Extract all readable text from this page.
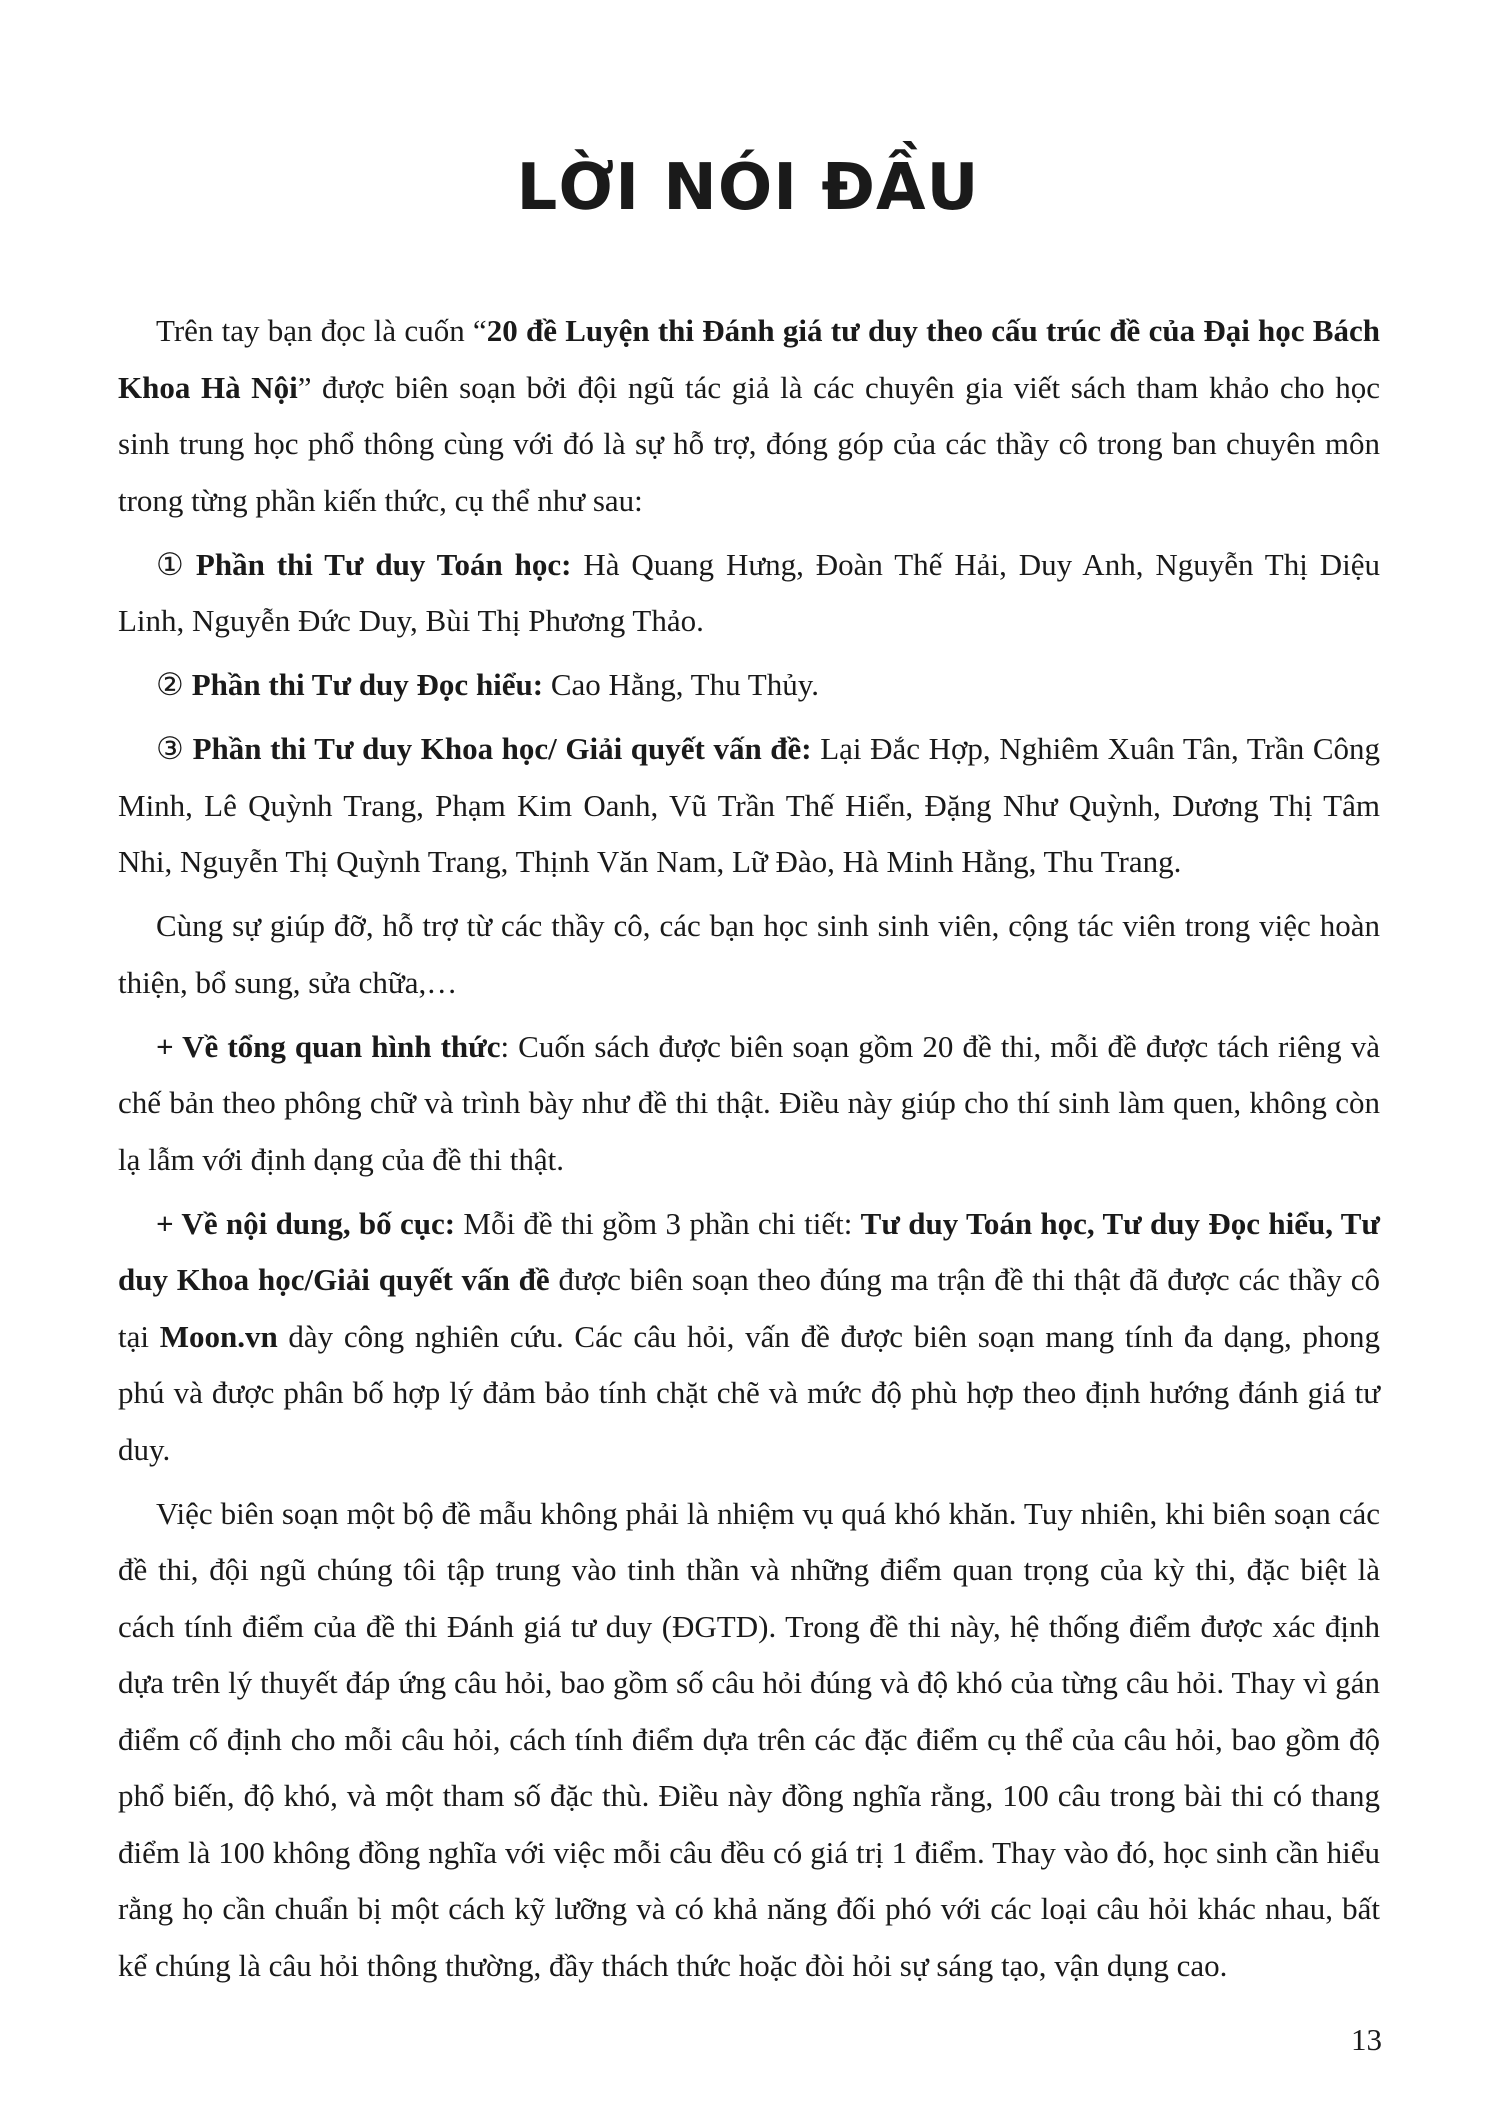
LỜI NÓI ĐẦU

Trên tay bạn đọc là cuốn “20 đề Luyện thi Đánh giá tư duy theo cấu trúc đề của Đại học Bách Khoa Hà Nội” được biên soạn bởi đội ngũ tác giả là các chuyên gia viết sách tham khảo cho học sinh trung học phổ thông cùng với đó là sự hỗ trợ, đóng góp của các thầy cô trong ban chuyên môn trong từng phần kiến thức, cụ thể như sau:

① Phần thi Tư duy Toán học: Hà Quang Hưng, Đoàn Thế Hải, Duy Anh, Nguyễn Thị Diệu Linh, Nguyễn Đức Duy, Bùi Thị Phương Thảo.

② Phần thi Tư duy Đọc hiểu: Cao Hằng, Thu Thủy.

③ Phần thi Tư duy Khoa học/ Giải quyết vấn đề: Lại Đắc Hợp, Nghiêm Xuân Tân, Trần Công Minh, Lê Quỳnh Trang, Phạm Kim Oanh, Vũ Trần Thế Hiển, Đặng Như Quỳnh, Dương Thị Tâm Nhi, Nguyễn Thị Quỳnh Trang, Thịnh Văn Nam, Lữ Đào, Hà Minh Hằng, Thu Trang.

Cùng sự giúp đỡ, hỗ trợ từ các thầy cô, các bạn học sinh sinh viên, cộng tác viên trong việc hoàn thiện, bổ sung, sửa chữa,…

+ Về tổng quan hình thức: Cuốn sách được biên soạn gồm 20 đề thi, mỗi đề được tách riêng và chế bản theo phông chữ và trình bày như đề thi thật. Điều này giúp cho thí sinh làm quen, không còn lạ lẫm với định dạng của đề thi thật.

+ Về nội dung, bố cục: Mỗi đề thi gồm 3 phần chi tiết: Tư duy Toán học, Tư duy Đọc hiểu, Tư duy Khoa học/Giải quyết vấn đề được biên soạn theo đúng ma trận đề thi thật đã được các thầy cô tại Moon.vn dày công nghiên cứu. Các câu hỏi, vấn đề được biên soạn mang tính đa dạng, phong phú và được phân bố hợp lý đảm bảo tính chặt chẽ và mức độ phù hợp theo định hướng đánh giá tư duy.

Việc biên soạn một bộ đề mẫu không phải là nhiệm vụ quá khó khăn. Tuy nhiên, khi biên soạn các đề thi, đội ngũ chúng tôi tập trung vào tinh thần và những điểm quan trọng của kỳ thi, đặc biệt là cách tính điểm của đề thi Đánh giá tư duy (ĐGTD). Trong đề thi này, hệ thống điểm được xác định dựa trên lý thuyết đáp ứng câu hỏi, bao gồm số câu hỏi đúng và độ khó của từng câu hỏi. Thay vì gán điểm cố định cho mỗi câu hỏi, cách tính điểm dựa trên các đặc điểm cụ thể của câu hỏi, bao gồm độ phổ biến, độ khó, và một tham số đặc thù. Điều này đồng nghĩa rằng, 100 câu trong bài thi có thang điểm là 100 không đồng nghĩa với việc mỗi câu đều có giá trị 1 điểm. Thay vào đó, học sinh cần hiểu rằng họ cần chuẩn bị một cách kỹ lưỡng và có khả năng đối phó với các loại câu hỏi khác nhau, bất kể chúng là câu hỏi thông thường, đầy thách thức hoặc đòi hỏi sự sáng tạo, vận dụng cao.

13
